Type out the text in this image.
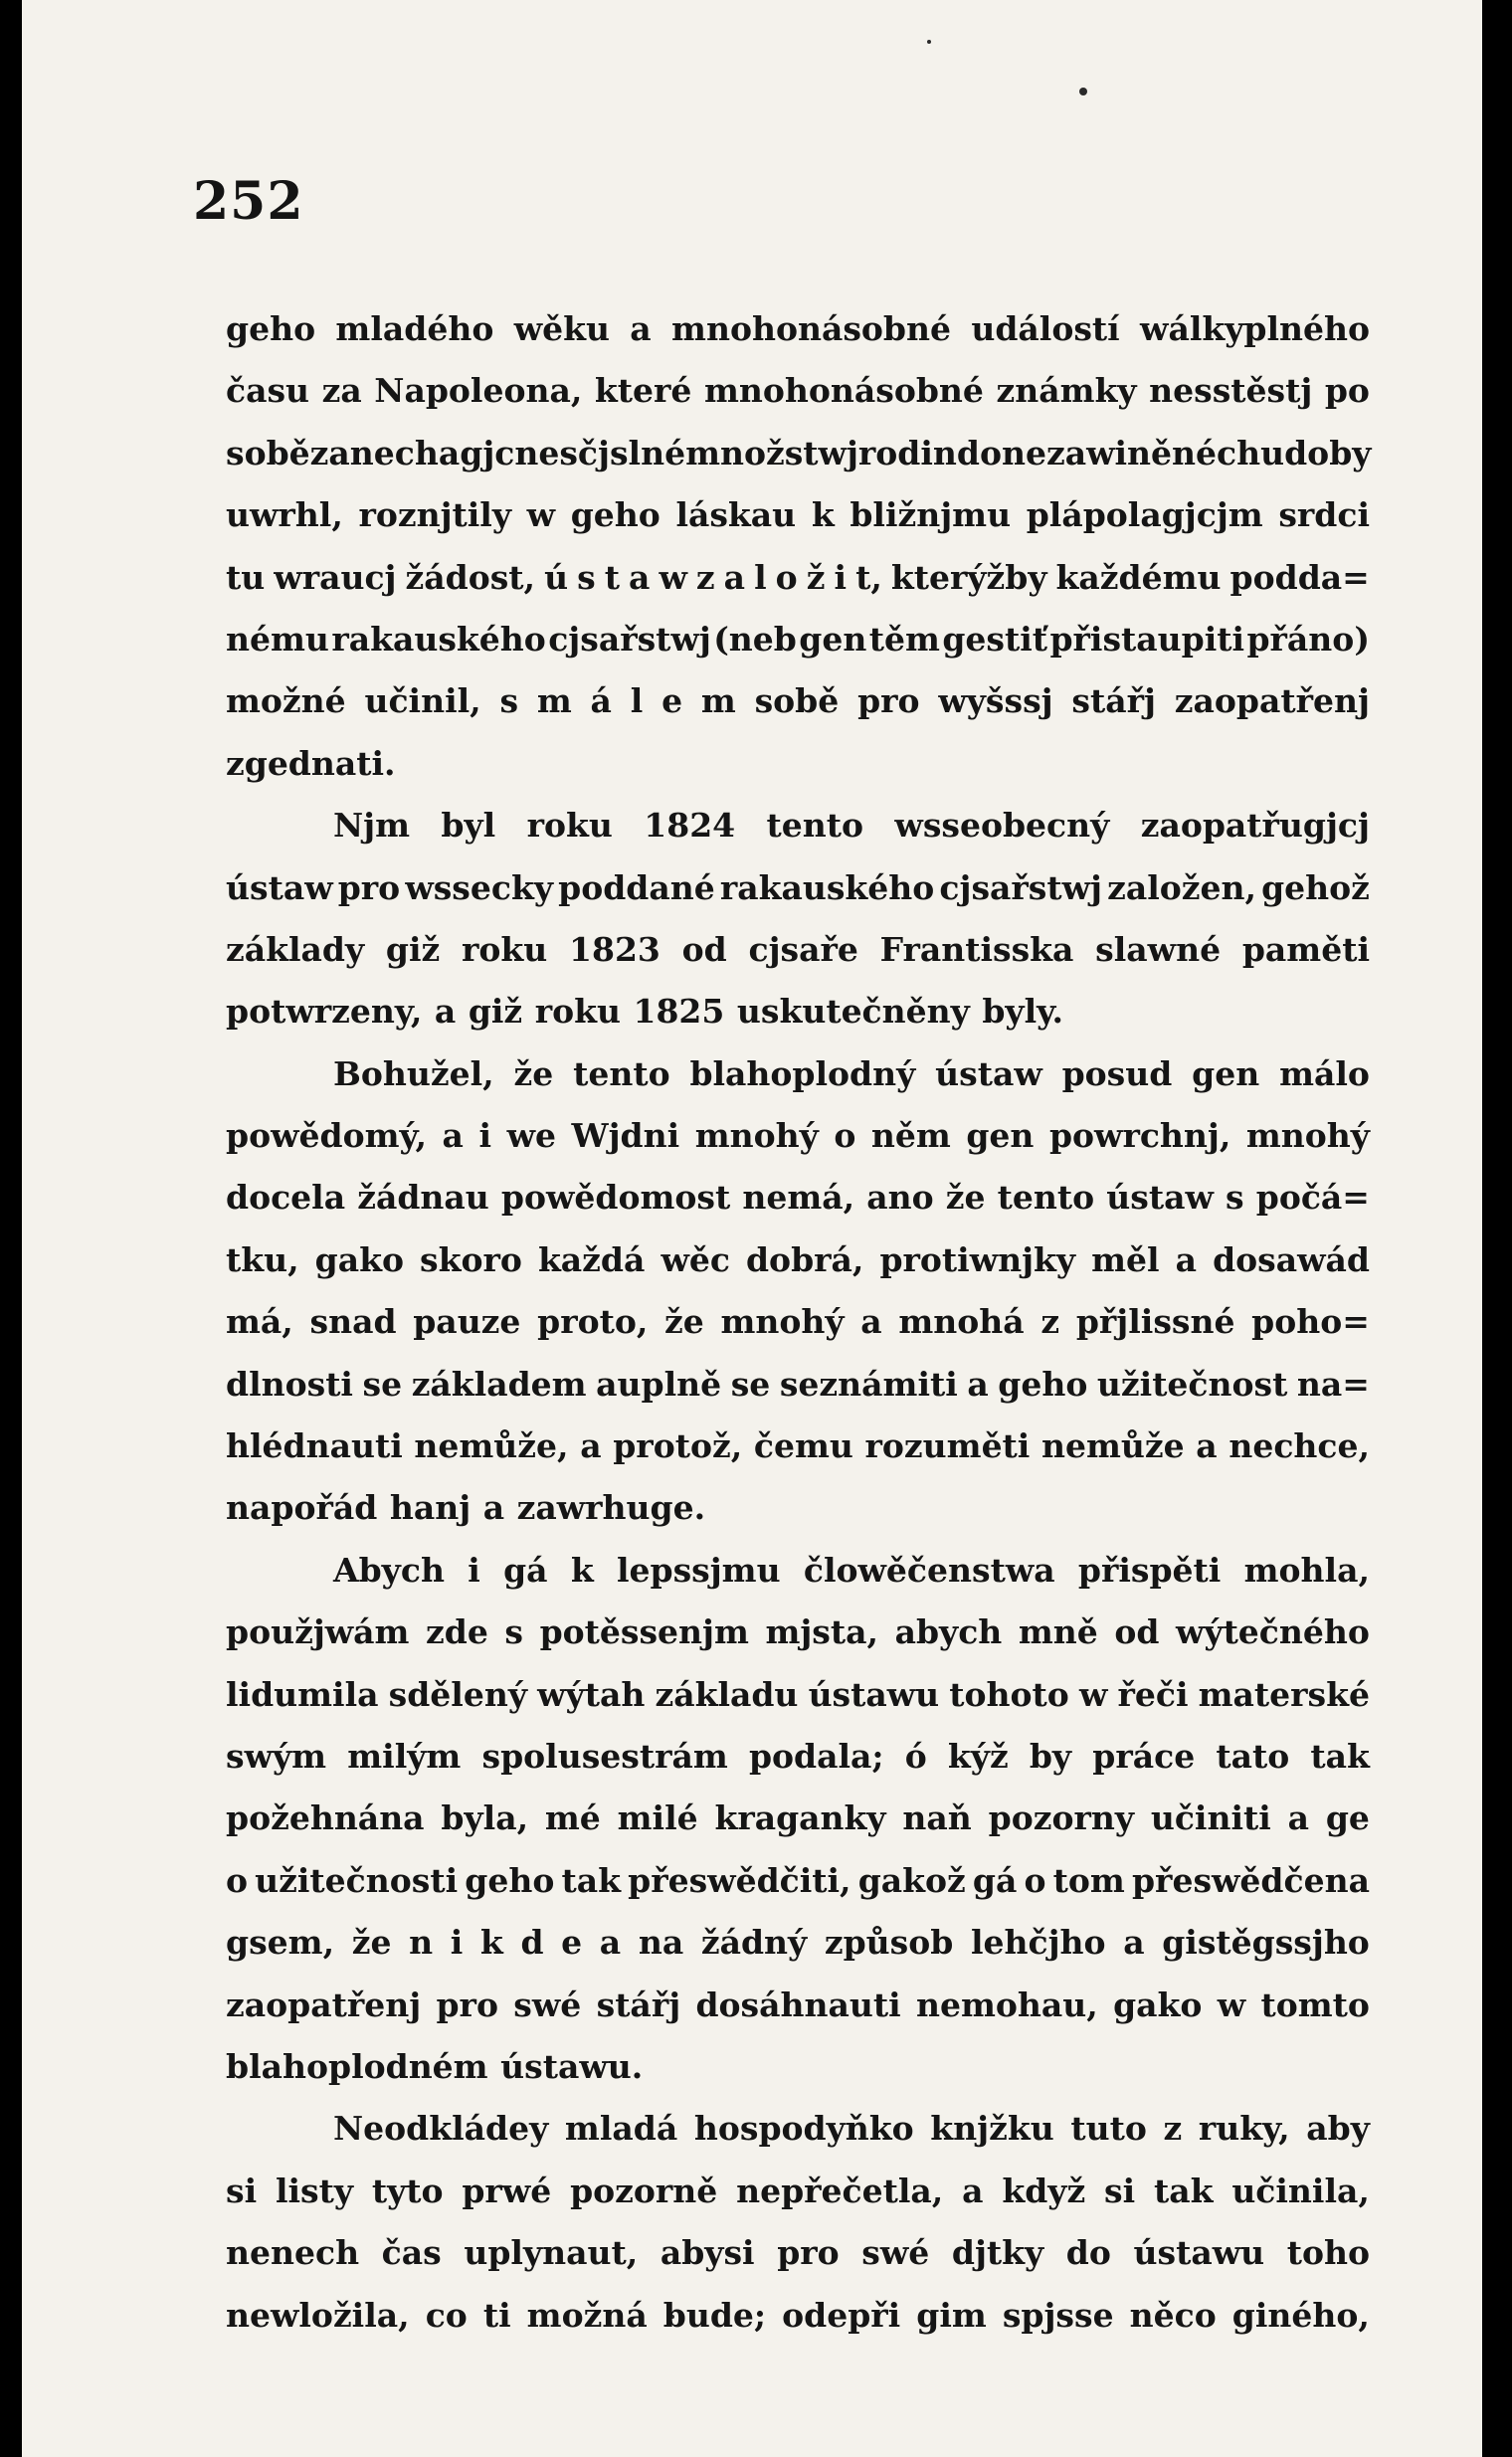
252
geho mladého wěku a mnohonásobné událostí wálkyplného
času za Napoleona, které mnohonásobné známky nesstěstj po
sobě zanechagjc nesčjslné množstwj rodin do nezawiněné chudoby
uwrhl, roznjtily w geho láskau k bližnjmu plápolagjcjm srdci
tu wraucj žádost, ú s t a w z a l o ž i t, kterýžby každému podda=
nému rakauského cjsařstwj (neb gen těm gestiť přistaupiti přáno)
možné učinil, s m á l e m sobě pro wyšssj stářj zaopatřenj
zgednati.
Njm byl roku 1824 tento wsseobecný zaopatřugjcj
ústaw pro wssecky poddané rakauského cjsařstwj založen, gehož
základy giž roku 1823 od cjsaře Frantisska slawné paměti
potwrzeny, a giž roku 1825 uskutečněny byly.
Bohužel, že tento blahoplodný ústaw posud gen málo
powědomý, a i we Wjdni mnohý o něm gen powrchnj, mnohý
docela žádnau powědomost nemá, ano že tento ústaw s počá=
tku, gako skoro každá wěc dobrá, protiwnjky měl a dosawád
má, snad pauze proto, že mnohý a mnohá z přjlissné poho=
dlnosti se základem auplně se seznámiti a geho užitečnost na=
hlédnauti nemůže, a protož, čemu rozuměti nemůže a nechce,
napořád hanj a zawrhuge.
Abych i gá k lepssjmu člowěčenstwa přispěti mohla,
použjwám zde s potěssenjm mjsta, abych mně od wýtečného
lidumila sdělený wýtah základu ústawu tohoto w řeči materské
swým milým spolusestrám podala; ó kýž by práce tato tak
požehnána byla, mé milé kraganky naň pozorny učiniti a ge
o užitečnosti geho tak přeswědčiti, gakož gá o tom přeswědčena
gsem, že n i k d e a na žádný způsob lehčjho a gistěgssjho
zaopatřenj pro swé stářj dosáhnauti nemohau, gako w tomto
blahoplodném ústawu.
Neodkládey mladá hospodyňko knjžku tuto z ruky, aby
si listy tyto prwé pozorně nepřečetla, a když si tak učinila,
nenech čas uplynaut, abysi pro swé djtky do ústawu toho
newložila, co ti možná bude; odepři gim spjsse něco giného,
